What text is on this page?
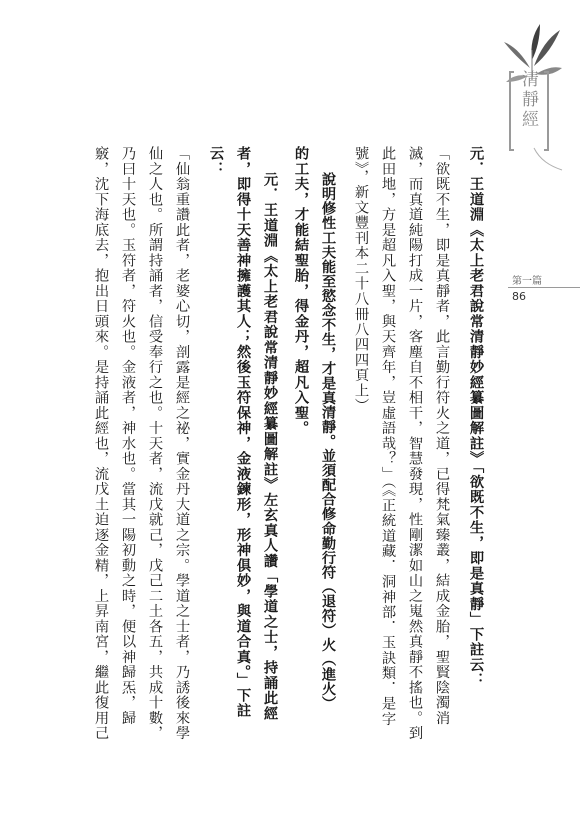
清靜經
第一篇
86
元．王道淵《太上老君說常清靜妙經纂圖解註》「欲既不生，即是真靜」下註云：
「欲既不生，即是真靜者，此言勤行符火之道，已得梵氣臻叢，結成金胎，聖賢陰濁消
滅，而真道純陽打成一片，客塵自不相干，智慧發現，性剛潔如山之嵬然真靜不搖也。到
此田地，方是超凡入聖，與天齊年，豈虛語哉？」（《正統道藏．洞神部．玉訣類．是字
號》，新文豐刊本二十八冊八四四頁上）
說明修性工夫能至慾念不生，才是真清靜。並須配合修命勤行符（退符）火（進火）
的工夫，才能結聖胎，得金丹，超凡入聖。
元．王道淵《太上老君說常清靜妙經纂圖解註》左玄真人讚「學道之士，持誦此經
者，即得十天善神擁護其人；然後玉符保神，金液鍊形，形神俱妙，與道合真。」下註
云：
「仙翁重讚此者，老婆心切，剖露是經之祕，實金丹大道之宗。學道之士者，乃誘後來學
仙之人也。所謂持誦者，信受奉行之也。十天者，流戊就己，戊己二土各五，共成十數，
乃曰十天也。玉符者，符火也。金液者，神水也。當其一陽初動之時，便以神歸炁，歸
竅，沈下海底去，抱出日頭來。是持誦此經也，流戊土迫逐金精，上昇南宮，繼此復用己
